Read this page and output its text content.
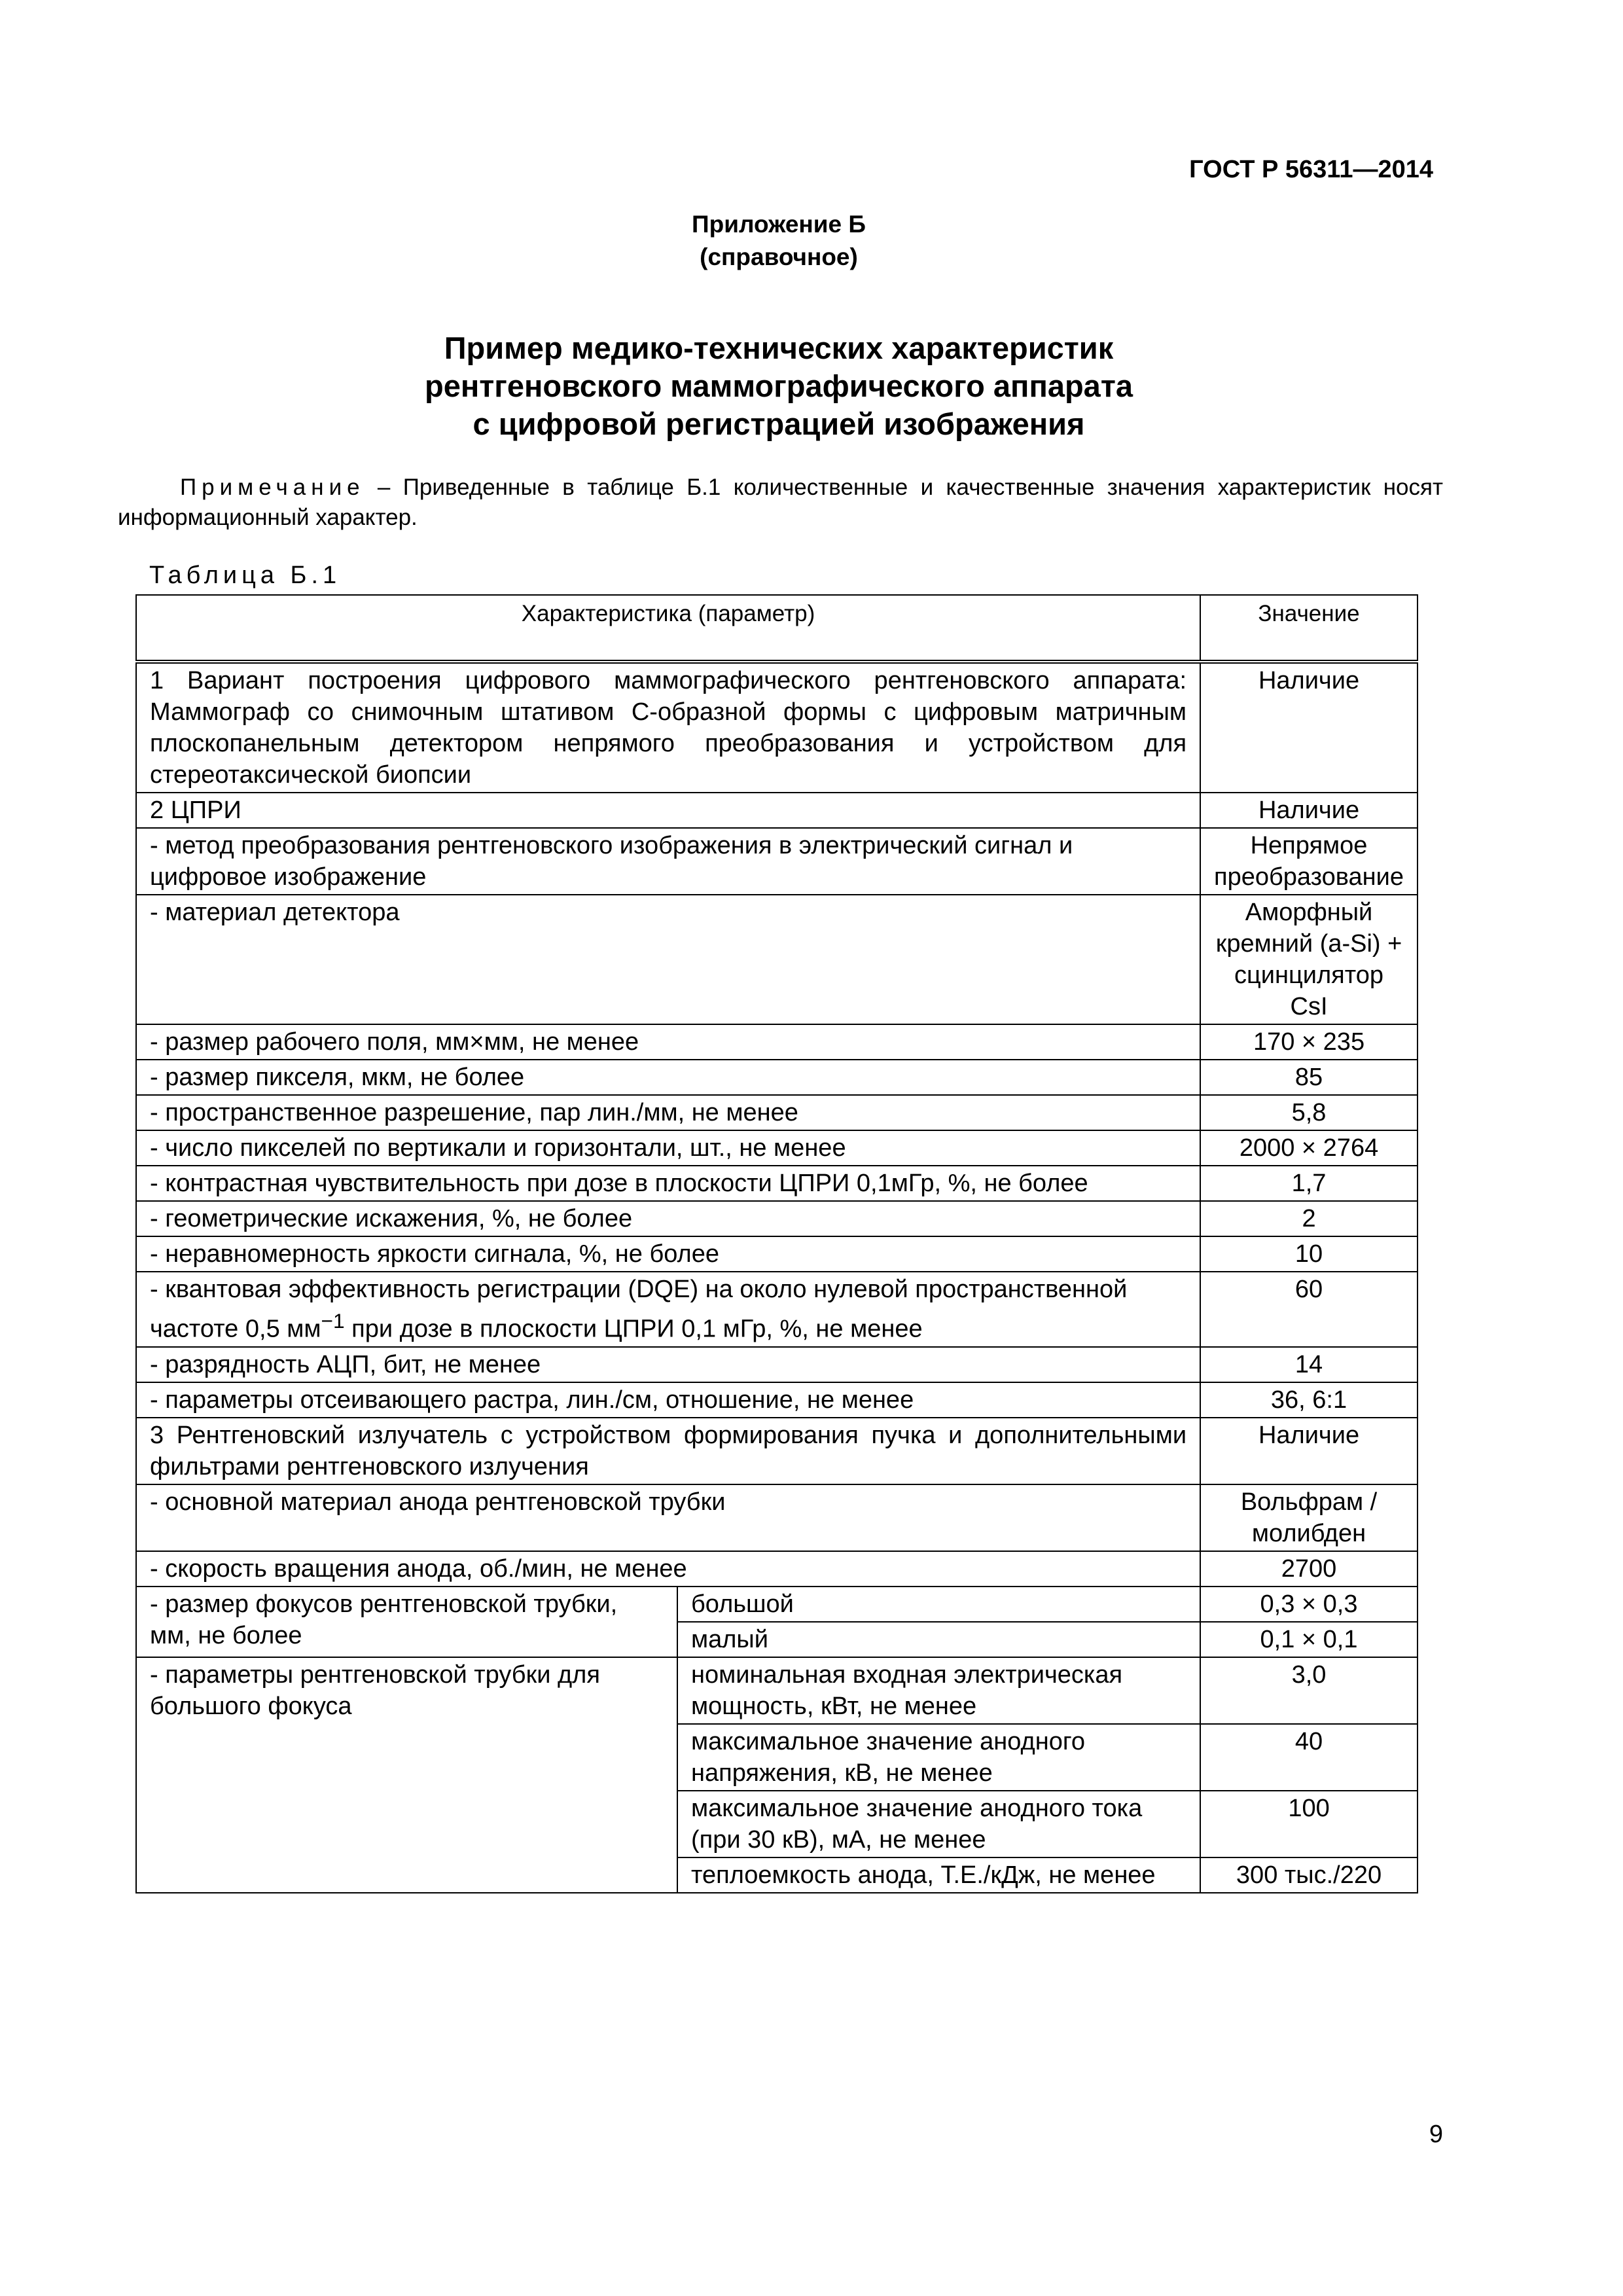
ГОСТ Р 56311—2014
Приложение Б
(справочное)
Пример медико-технических характеристик
рентгеновского маммографического аппарата
с цифровой регистрацией изображения
Примечание – Приведенные в таблице Б.1 количественные и качественные значения характеристик носят информационный характер.
Таблица Б.1
Характеристика (параметр)		Значение
1 Вариант построения цифрового маммографического рентгеновского аппарата: Маммограф со снимочным штативом С-образной формы с цифровым матричным плоскопанельным детектором непрямого преобразования и устройством для стереотаксической биопсии		Наличие
2 ЦПРИ		Наличие
- метод преобразования рентгеновского изображения в электрический сигнал и цифровое изображение		Непрямое преобразование
- материал детектора		Аморфный кремний (a-Si) + сцинцилятор CsI
- размер рабочего поля, мм×мм, не менее		170 × 235
- размер пикселя, мкм, не более		85
- пространственное разрешение, пар лин./мм, не менее		5,8
- число пикселей по вертикали и горизонтали, шт., не менее		2000 × 2764
- контрастная чувствительность при дозе в плоскости ЦПРИ 0,1мГр, %, не более		1,7
- геометрические искажения, %, не более		2
- неравномерность яркости сигнала, %, не более		10
- квантовая эффективность регистрации (DQE) на около нулевой пространственной частоте 0,5 $мм^{-1}$ при дозе в плоскости ЦПРИ 0,1 мГр, %, не менее		60
- разрядность АЦП, бит, не менее		14
- параметры отсеивающего растра, лин./см, отношение, не менее		36, 6:1
3 Рентгеновский излучатель с устройством формирования пучка и дополнительными фильтрами рентгеновского излучения		Наличие
- основной материал анода рентгеновской трубки		Вольфрам / молибден
- скорость вращения анода, об./мин, не менее		2700
- размер фокусов рентгеновской трубки, мм, не более	большой	0,3 × 0,3
	малый	0,1 × 0,1
- параметры рентгеновской трубки для большого фокуса	номинальная входная электрическая мощность, кВт, не менее	3,0
	максимальное значение анодного напряжения, кВ, не менее	40
	максимальное значение анодного тока (при 30 кВ), мА, не менее	100
	теплоемкость анода, Т.Е./кДж, не менее	300 тыс./220
9
